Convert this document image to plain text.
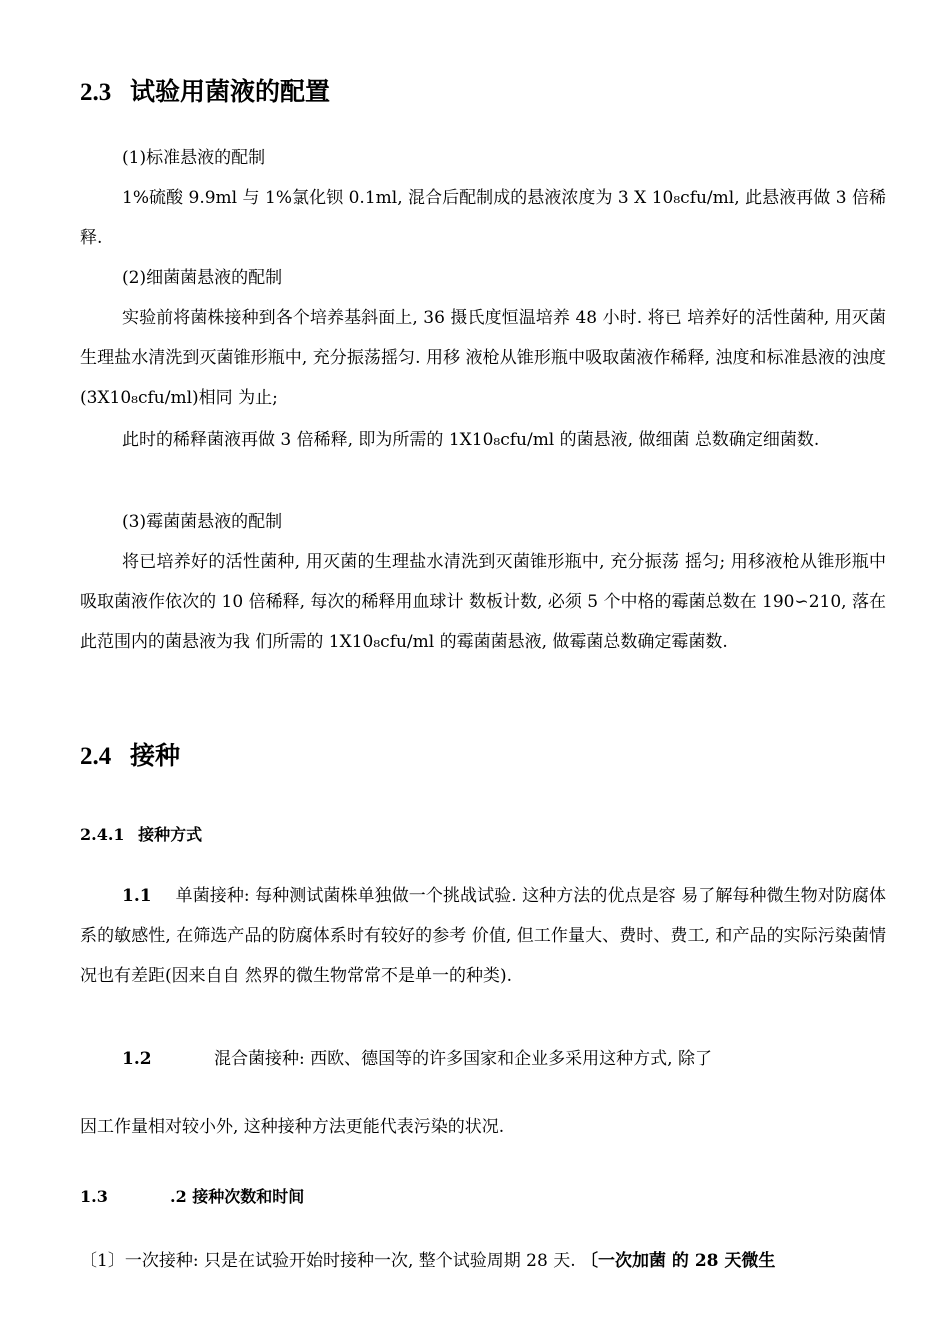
2.3 试验用菌液的配置
(1)标准悬液的配制
1%硫酸 9.9ml 与 1%氯化钡 0.1ml, 混合后配制成的悬液浓度为 3 X 10₈cfu/ml, 此悬液再做 3 倍稀释.
(2)细菌菌悬液的配制
实验前将菌株接种到各个培养基斜面上, 36 摄氏度恒温培养 48 小时. 将已 培养好的活性菌种, 用灭菌生理盐水清洗到灭菌锥形瓶中, 充分振荡摇匀. 用移 液枪从锥形瓶中吸取菌液作稀释, 浊度和标准悬液的浊度(3X10₈cfu/ml)相同 为止;
此时的稀释菌液再做 3 倍稀释, 即为所需的 1X10₈cfu/ml 的菌悬液, 做细菌 总数确定细菌数.
(3)霉菌菌悬液的配制
将已培养好的活性菌种, 用灭菌的生理盐水清洗到灭菌锥形瓶中, 充分振荡 摇匀; 用移液枪从锥形瓶中吸取菌液作依次的 10 倍稀释, 每次的稀释用血球计 数板计数, 必须 5 个中格的霉菌总数在 190∽210, 落在此范围内的菌悬液为我 们所需的 1X10₈cfu/ml 的霉菌菌悬液, 做霉菌总数确定霉菌数.
2.4 接种
2.4.1 接种方式
1.1 单菌接种: 每种测试菌株单独做一个挑战试验. 这种方法的优点是容 易了解每种微生物对防腐体系的敏感性, 在筛选产品的防腐体系时有较好的参考 价值, 但工作量大、费时、费工, 和产品的实际污染菌情况也有差距(因来自自 然界的微生物常常不是单一的种类).
1.2	混合菌接种: 西欧、德国等的许多国家和企业多采用这种方式, 除了
因工作量相对较小外, 这种接种方法更能代表污染的状况.
1.3	.2 接种次数和时间
〔1〕一次接种: 只是在试验开始时接种一次, 整个试验周期 28 天. 〔一次加菌 的 28 天微生
